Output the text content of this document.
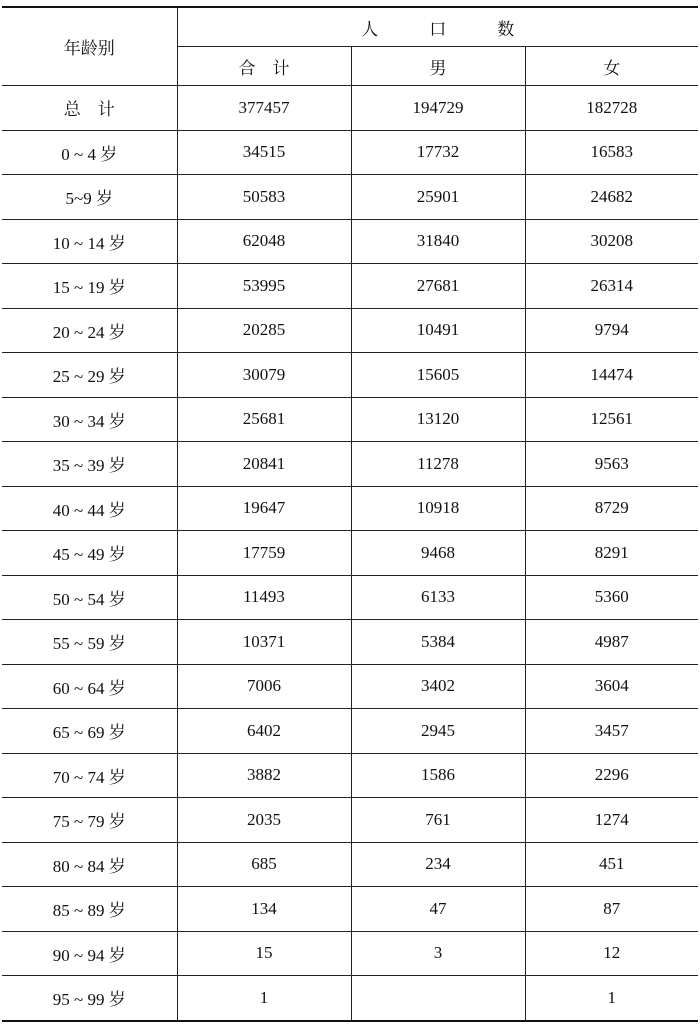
年龄别	人　　　口　　　数		
	合　计	男	女
总　计	377457	194729	182728
0 ~ 4 岁	34515	17732	16583
5~9 岁	50583	25901	24682
10 ~ 14 岁	62048	31840	30208
15 ~ 19 岁	53995	27681	26314
20 ~ 24 岁	20285	10491	9794
25 ~ 29 岁	30079	15605	14474
30 ~ 34 岁	25681	13120	12561
35 ~ 39 岁	20841	11278	9563
40 ~ 44 岁	19647	10918	8729
45 ~ 49 岁	17759	9468	8291
50 ~ 54 岁	11493	6133	5360
55 ~ 59 岁	10371	5384	4987
60 ~ 64 岁	7006	3402	3604
65 ~ 69 岁	6402	2945	3457
70 ~ 74 岁	3882	1586	2296
75 ~ 79 岁	2035	761	1274
80 ~ 84 岁	685	234	451
85 ~ 89 岁	134	47	87
90 ~ 94 岁	15	3	12
95 ~ 99 岁	1		1
